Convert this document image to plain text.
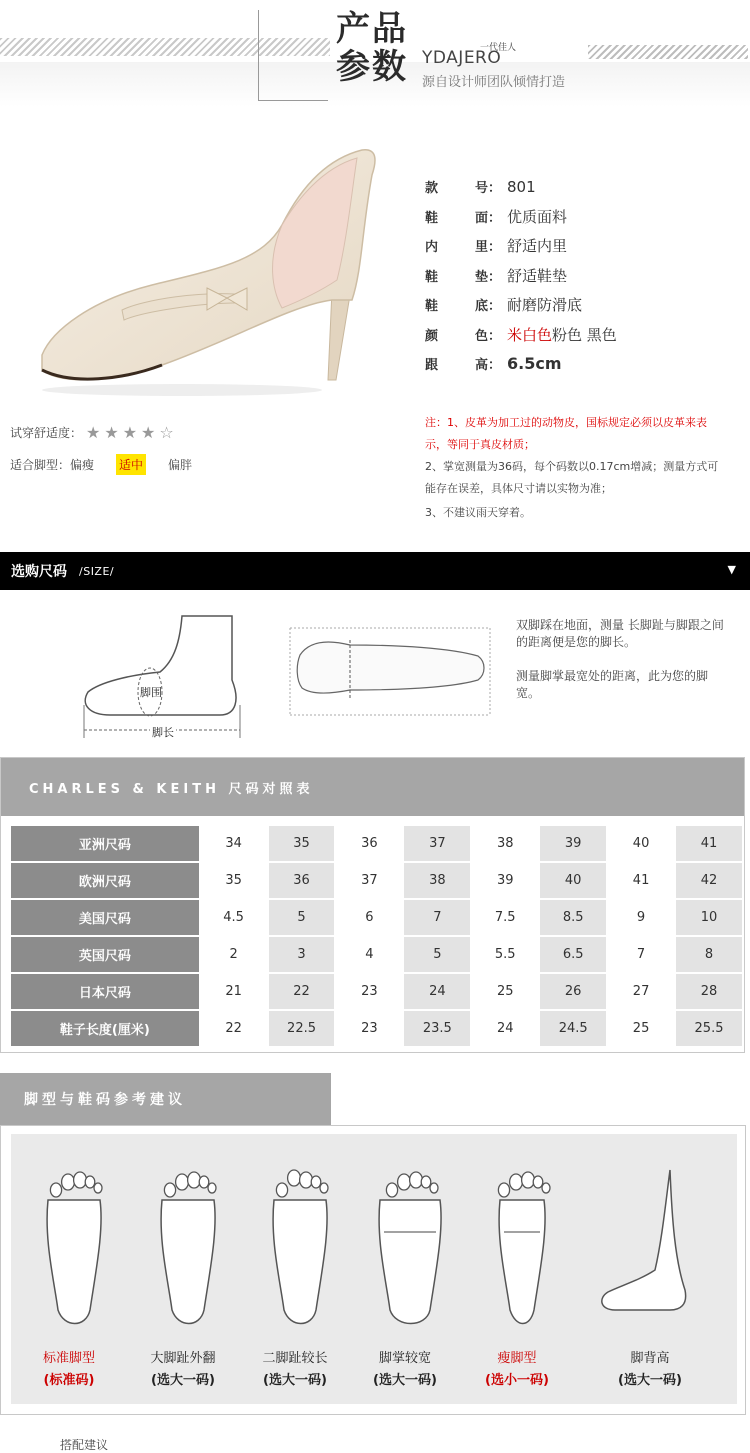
产品参数	一代佳人
YDAJERO
源自设计师团队倾情打造
款	号： 801
鞋	面： 优质面料
内	里： 舒适内里
鞋	垫： 舒适鞋垫
鞋	底： 耐磨防滑底
颜	色： 米白色粉色 黑色
跟	高： 6.5cm
试穿舒适度： ★ ★ ★ ★ ☆
适合脚型： 偏瘦 适中 偏胖
注：1、皮革为加工过的动物皮，国标规定必须以皮革来表示，等同于真皮材质；
2、掌宽测量为36码，每个码数以0.17cm增减；测量方式可能存在误差，具体尺寸请以实物为准；
3、不建议雨天穿着。
选购尺码 /SIZE/	▼
脚围
脚长
双脚踩在地面，测量 长脚趾与脚跟之间的距离便是您的脚长。
测量脚掌最宽处的距离，此为您的脚宽。
CHARLES & KEITH 尺码对照表
亚洲尺码	34	35	36	37	38	39	40	41
欧洲尺码	35	36	37	38	39	40	41	42
美国尺码	4.5	5	6	7	7.5	8.5	9	10
英国尺码	2	3	4	5	5.5	6.5	7	8
日本尺码	21	22	23	24	25	26	27	28
鞋子长度(厘米)	22	22.5	23	23.5	24	24.5	25	25.5
脚型与鞋码参考建议
标准脚型
(标准码)
大脚趾外翻
(选大一码)
二脚趾较长
(选大一码)
脚掌较宽
(选大一码)
瘦脚型
(选小一码)
脚背高
(选大一码)
搭配建议
